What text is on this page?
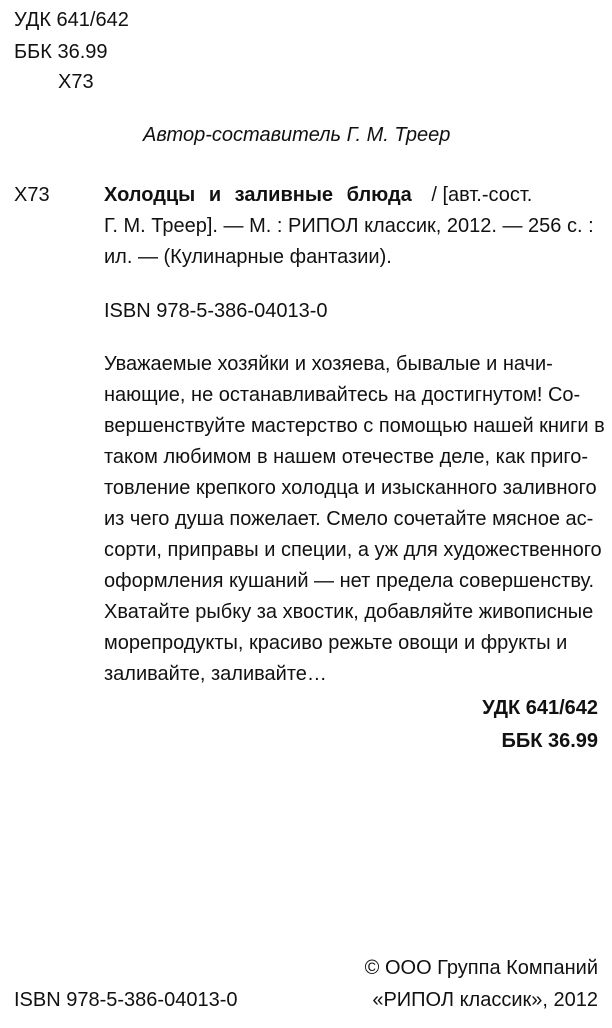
УДК 641/642
ББК 36.99
Х73
Автор-составитель Г. М. Треер
Х73	Холодцы и заливные блюда / [авт.-сост.
Г. М. Треер]. — М. : РИПОЛ классик, 2012. — 256 с. :
ил. — (Кулинарные фантазии).
ISBN 978-5-386-04013-0
Уважаемые хозяйки и хозяева, бывалые и начи-
нающие, не останавливайтесь на достигнутом! Со-
вершенствуйте мастерство с помощью нашей книги в
таком любимом в нашем отечестве деле, как приго-
товление крепкого холодца и изысканного заливного
из чего душа пожелает. Смело сочетайте мясное ас-
сорти, приправы и специи, а уж для художественного
оформления кушаний — нет предела совершенству.
Хватайте рыбку за хвостик, добавляйте живописные
морепродукты, красиво режьте овощи и фрукты и
заливайте, заливайте…
УДК 641/642
ББК 36.99
© ООО Группа Компаний
ISBN 978-5-386-04013-0	«РИПОЛ классик», 2012
